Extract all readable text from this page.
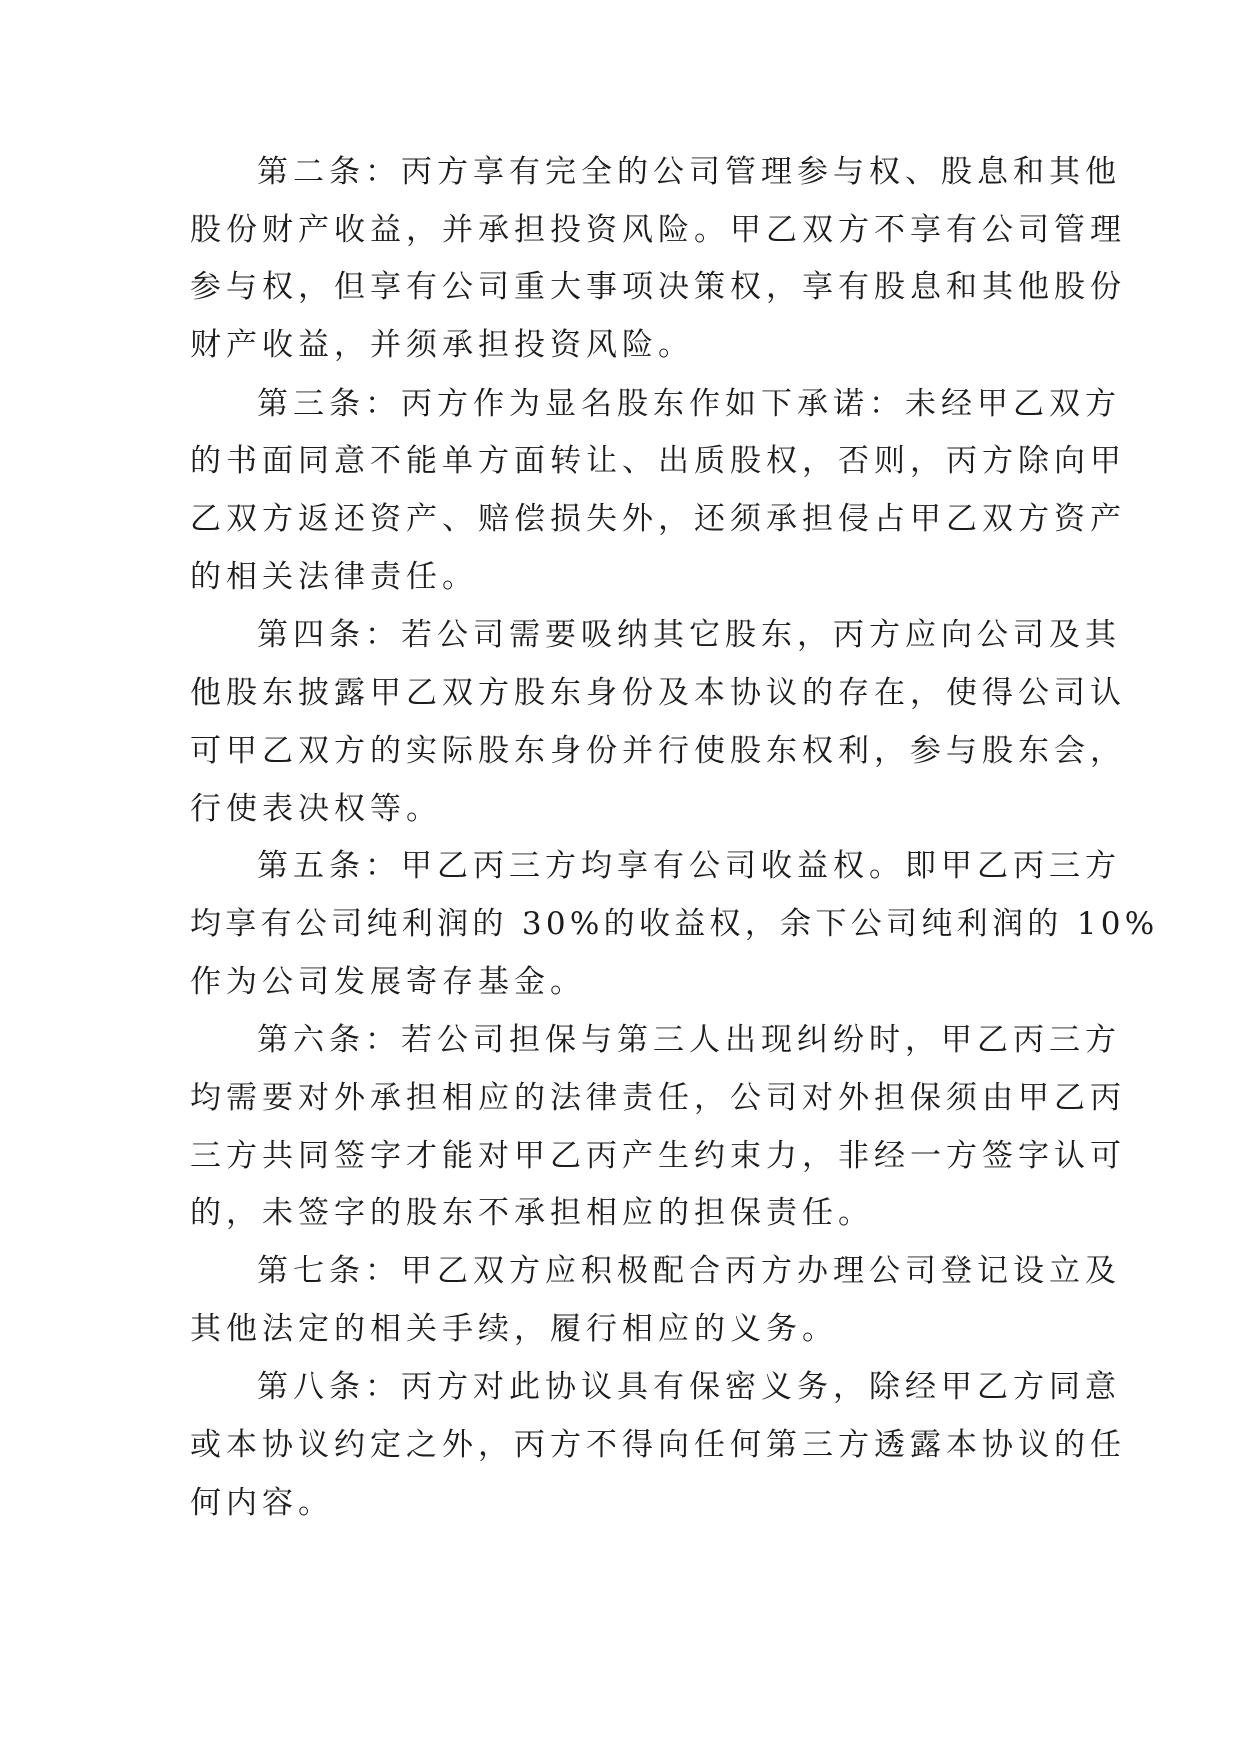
第二条：丙方享有完全的公司管理参与权、股息和其他

股份财产收益，并承担投资风险。甲乙双方不享有公司管理

参与权，但享有公司重大事项决策权，享有股息和其他股份

财产收益，并须承担投资风险。

第三条：丙方作为显名股东作如下承诺：未经甲乙双方

的书面同意不能单方面转让、出质股权，否则，丙方除向甲

乙双方返还资产、赔偿损失外，还须承担侵占甲乙双方资产

的相关法律责任。

第四条：若公司需要吸纳其它股东，丙方应向公司及其

他股东披露甲乙双方股东身份及本协议的存在，使得公司认

可甲乙双方的实际股东身份并行使股东权利，参与股东会，

行使表决权等。

第五条：甲乙丙三方均享有公司收益权。即甲乙丙三方

均享有公司纯利润的 30%的收益权，余下公司纯利润的 10%

作为公司发展寄存基金。

第六条：若公司担保与第三人出现纠纷时，甲乙丙三方

均需要对外承担相应的法律责任，公司对外担保须由甲乙丙

三方共同签字才能对甲乙丙产生约束力，非经一方签字认可

的，未签字的股东不承担相应的担保责任。

第七条：甲乙双方应积极配合丙方办理公司登记设立及

其他法定的相关手续，履行相应的义务。

第八条：丙方对此协议具有保密义务，除经甲乙方同意

或本协议约定之外，丙方不得向任何第三方透露本协议的任

何内容。
